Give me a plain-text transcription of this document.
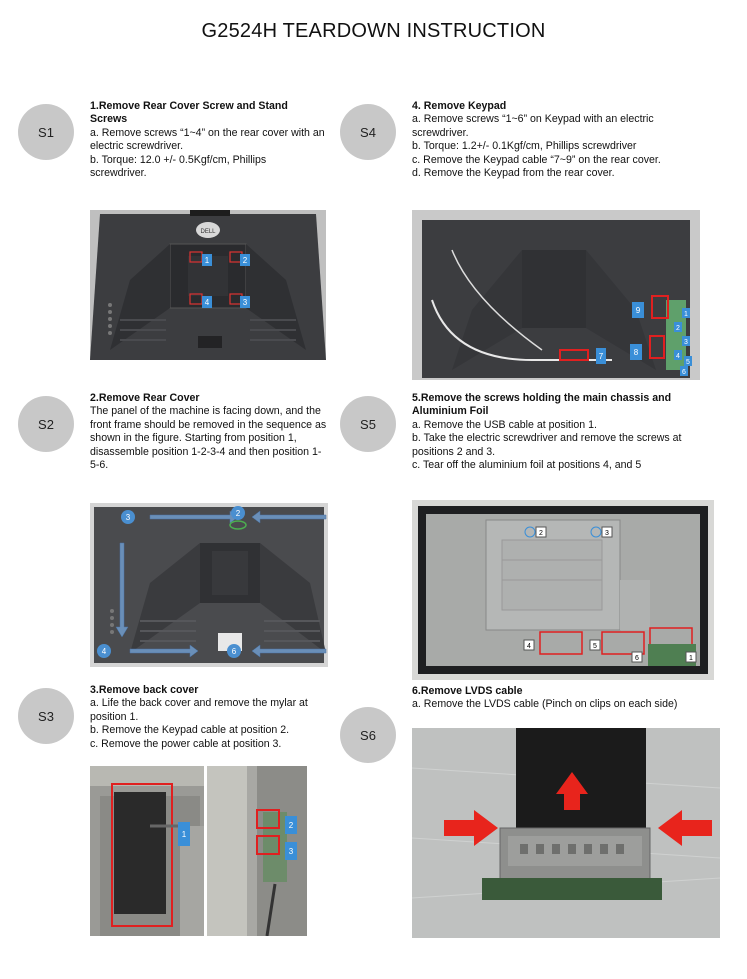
G2524H TEARDOWN INSTRUCTION
S1
1.Remove Rear Cover Screw and Stand Screws
a. Remove screws “1~4” on the rear cover with an electric screwdriver.
b. Torque: 12.0 +/- 0.5Kgf/cm, Phillips screwdriver.
DELL
1	2
3
4
S2
2.Remove Rear Cover
The panel of the machine is facing down, and the front frame should be removed in the sequence as shown in the figure. Starting from position 1, disassemble position 1-2-3-4 and then position 1-5-6.
3	2
4	6
S3
3.Remove back cover
a. Life the back cover and remove the mylar at position 1.
b. Remove the Keypad cable at position 2.
c. Remove the power cable at position 3.
1
2
3
S4
4. Remove Keypad
a. Remove screws “1~6” on Keypad with an electric screwdriver.
b. Torque: 1.2+/- 0.1Kgf/cm, Phillips screwdriver
c. Remove the Keypad cable “7~9” on the rear cover.
d. Remove the Keypad from the rear cover.
1
2
3
4
5
6
7	8
9
S5
5.Remove the screws holding the main chassis and Aluminium Foil
a. Remove the USB cable at position 1.
b. Take the electric screwdriver and remove the screws at positions 2 and 3.
c. Tear off the aluminium foil at positions 4, and 5
2	3
4	5
6	1
S6
6.Remove LVDS cable
a. Remove the LVDS cable (Pinch on clips on each side)
